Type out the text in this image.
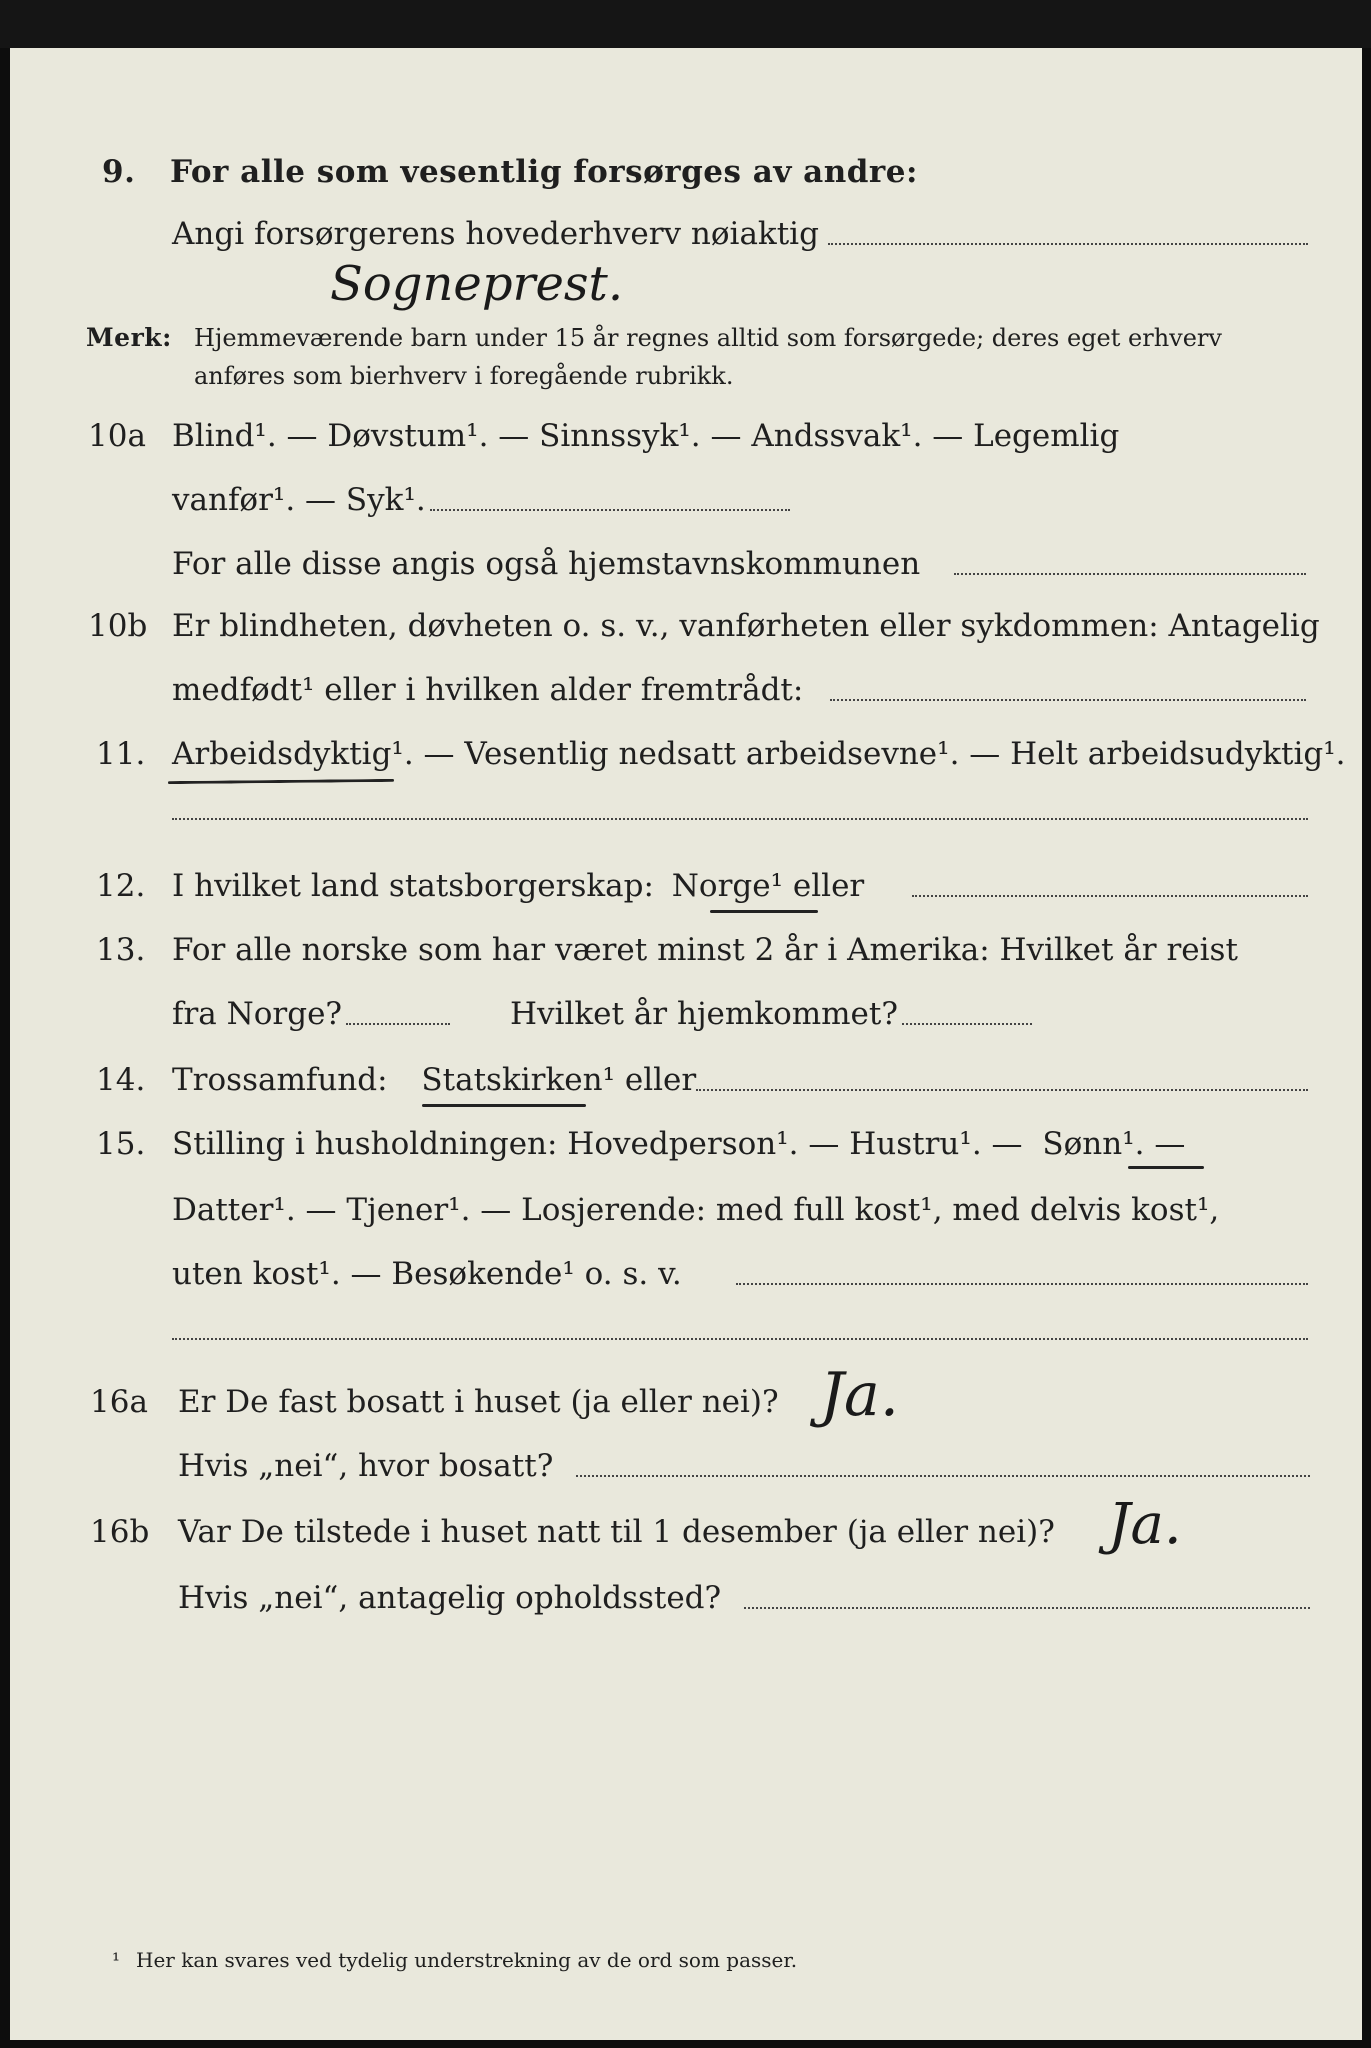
9. For alle som vesentlig forsørges av andre:
Angi forsørgerens hovederhverv nøiaktig
Sogneprest.
Merk: Hjemmeværende barn under 15 år regnes alltid som forsørgede; deres eget erhverv
anføres som bierhverv i foregående rubrikk.
10a Blind¹. — Døvstum¹. — Sinnssyk¹. — Andssvak¹. — Legemlig
vanfør¹. — Syk¹.
For alle disse angis også hjemstavnskommunen
10b Er blindheten, døvheten o. s. v., vanførheten eller sykdommen: Antagelig
medfødt¹ eller i hvilken alder fremtrådt:
11. Arbeidsdyktig¹. — Vesentlig nedsatt arbeidsevne¹. — Helt arbeidsudyktig¹.
12. I hvilket land statsborgerskap: Norge¹ eller
13. For alle norske som har været minst 2 år i Amerika: Hvilket år reist
fra Norge?	Hvilket år hjemkommet?
14. Trossamfund: Statskirken¹ eller
15. Stilling i husholdningen: Hovedperson¹. — Hustru¹. — Sønn¹. —
Datter¹. — Tjener¹. — Losjerende: med full kost¹, med delvis kost¹,
uten kost¹. — Besøkende¹ o. s. v.
16a Er De fast bosatt i huset (ja eller nei)? Ja.
Hvis „nei“, hvor bosatt?
16b Var De tilstede i huset natt til 1 desember (ja eller nei)? Ja.
Hvis „nei“, antagelig opholdssted?
¹ Her kan svares ved tydelig understrekning av de ord som passer.
